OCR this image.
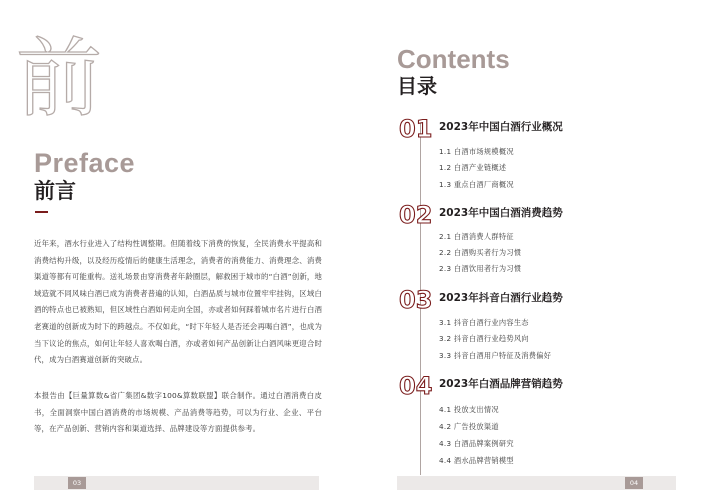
前
Preface
前言

近年来，酒水行业进入了结构性调整期。但随着线下消费的恢复，全民消费水平提高和消费结构升级，以及经历疫情后的健康生活理念，消费者的消费能力、消费理念、消费渠道等都有可能重构。送礼场景由穿消费者年龄圈层，解救困于城市的“白酒”创新，地域造就不同风味白酒已成为消费者普遍的认知，白酒品质与城市位置牢牢挂钩，区域白酒的特点也已被熟知，但区域性白酒如何走向全国，亦或者如何踩着城市名片进行白酒老赛道的创新成为时下的跨越点。不仅如此，“时下年轻人是否还会再喝白酒”，也成为当下议论的焦点，如何让年轻人喜欢喝白酒，亦或者如何产品创新让白酒风味更迎合时代，成为白酒赛道创新的突破点。

本报告由【巨量算数&省广集团&数字100&算数联盟】联合制作。通过白酒消费白皮书，全面洞察中国白酒消费的市场规模、产品消费等趋势，可以为行业、企业、平台等，在产品创新、营销内容和渠道选择、品牌建设等方面提供参考。

03
Contents
目录
01 2023年中国白酒行业概况
1.1 白酒市场规模概况
1.2 白酒产业链概述
1.3 重点白酒厂商概况
02 2023年中国白酒消费趋势
2.1 白酒消费人群特征
2.2 白酒购买者行为习惯
2.3 白酒饮用者行为习惯
03 2023年抖音白酒行业趋势
3.1 抖音白酒行业内容生态
3.2 抖音白酒行业趋势风向
3.3 抖音白酒用户特征及消费偏好
04 2023年白酒品牌营销趋势
4.1 投放支出情况
4.2 广告投放渠道
4.3 白酒品牌案例研究
4.4 酒水品牌营销模型
04
